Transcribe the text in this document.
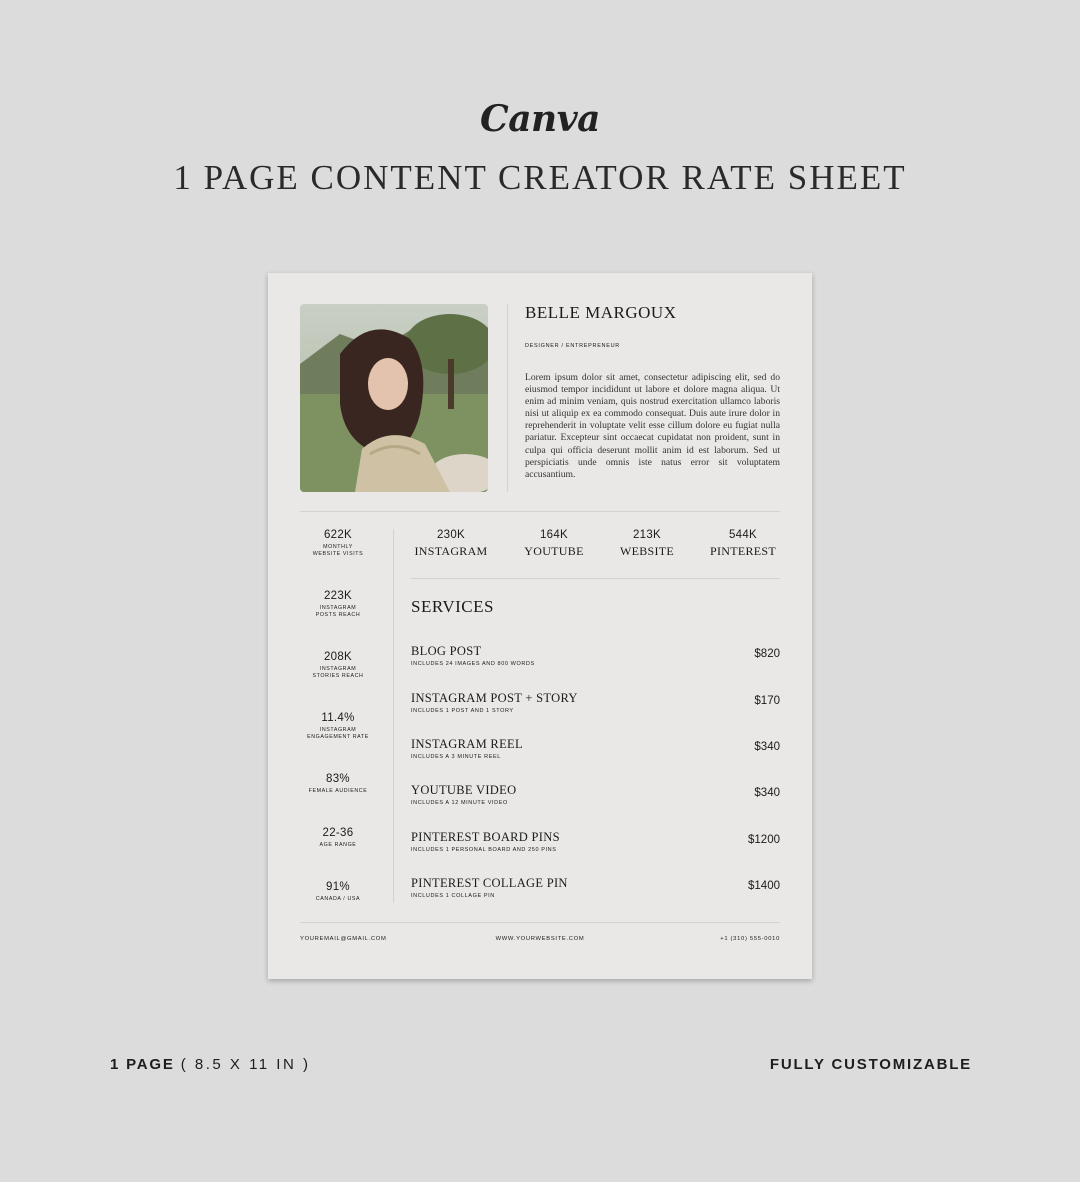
Canva
1 PAGE CONTENT CREATOR RATE SHEET
BELLE MARGOUX
DESIGNER / ENTREPRENEUR
Lorem ipsum dolor sit amet, consectetur adipiscing elit, sed do eiusmod tempor incididunt ut labore et dolore magna aliqua. Ut enim ad minim veniam, quis nostrud exercitation ullamco laboris nisi ut aliquip ex ea commodo consequat. Duis aute irure dolor in reprehenderit in voluptate velit esse cillum dolore eu fugiat nulla pariatur. Excepteur sint occaecat cupidatat non proident, sunt in culpa qui officia deserunt mollit anim id est laborum. Sed ut perspiciatis unde omnis iste natus error sit voluptatem accusantium.
622K
MONTHLY
WEBSITE VISITS
223K
INSTAGRAM
POSTS REACH
208K
INSTAGRAM
STORIES REACH
11.4%
INSTAGRAM
ENGAGEMENT RATE
83%
FEMALE AUDIENCE
22-36
AGE RANGE
91%
CANADA / USA
230K
INSTAGRAM
164K
YOUTUBE
213K
WEBSITE
544K
PINTEREST
SERVICES
BLOG POST
INCLUDES 24 IMAGES AND 800 WORDS
$820
INSTAGRAM POST + STORY
INCLUDES 1 POST AND 1 STORY
$170
INSTAGRAM REEL
INCLUDES A 3 MINUTE REEL
$340
YOUTUBE VIDEO
INCLUDES A 12 MINUTE VIDEO
$340
PINTEREST BOARD PINS
INCLUDES 1 PERSONAL BOARD AND 250 PINS
$1200
PINTEREST COLLAGE PIN
INCLUDES 1 COLLAGE PIN
$1400
YOUREMAIL@GMAIL.COM	WWW.YOURWEBSITE.COM	+1 (310) 555-0010
1 PAGE ( 8.5 X 11 IN )	FULLY CUSTOMIZABLE
